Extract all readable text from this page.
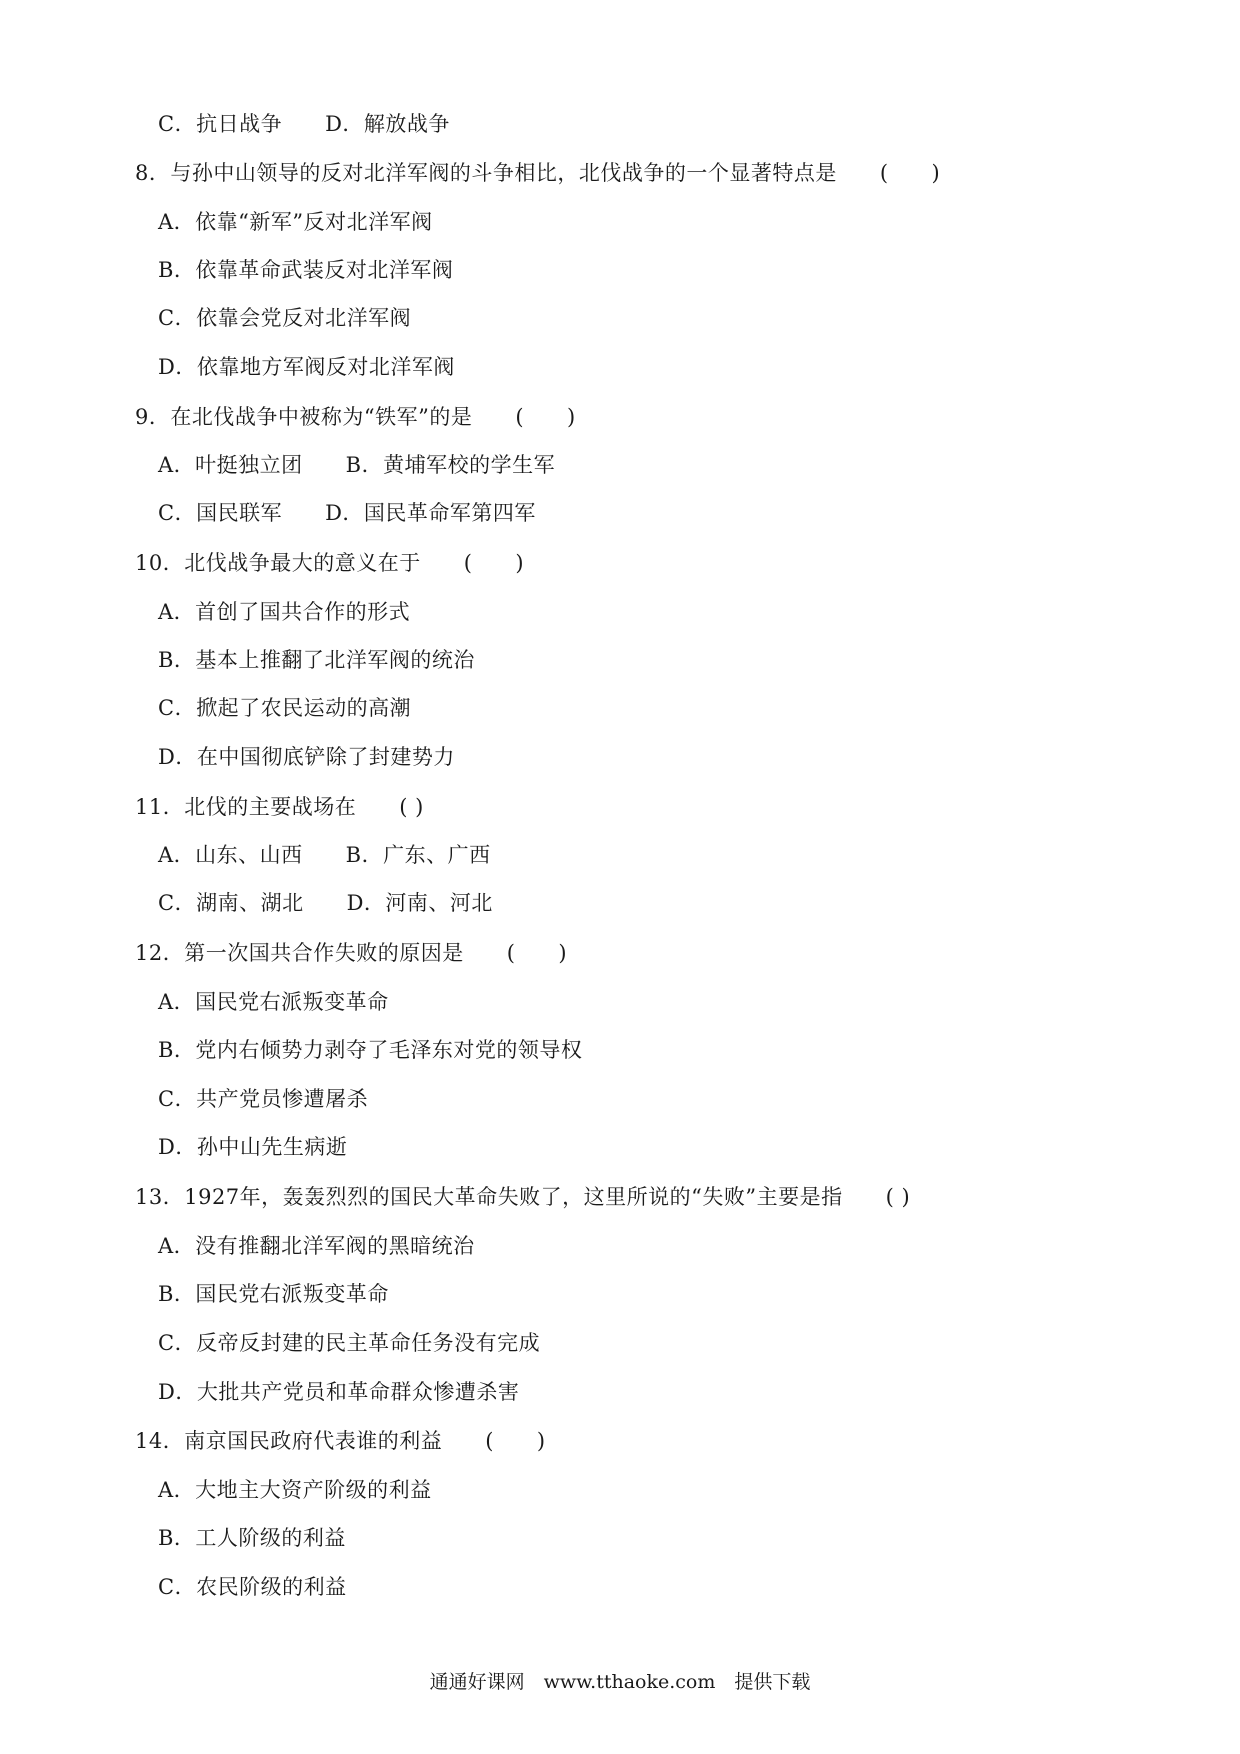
C．抗日战争　　D．解放战争
8．与孙中山领导的反对北洋军阀的斗争相比，北伐战争的一个显著特点是　　(　　)
A．依靠“新军”反对北洋军阀
B．依靠革命武装反对北洋军阀
C．依靠会党反对北洋军阀
D．依靠地方军阀反对北洋军阀
9．在北伐战争中被称为“铁军”的是　　(　　)
A．叶挺独立团　　B．黄埔军校的学生军
C．国民联军　　D．国民革命军第四军
10．北伐战争最大的意义在于　　(　　)
A．首创了国共合作的形式
B．基本上推翻了北洋军阀的统治
C．掀起了农民运动的高潮
D．在中国彻底铲除了封建势力
11．北伐的主要战场在　　( )
A．山东、山西　　B．广东、广西
C．湖南、湖北　　D．河南、河北
12．第一次国共合作失败的原因是　　(　　)
A．国民党右派叛变革命
B．党内右倾势力剥夺了毛泽东对党的领导权
C．共产党员惨遭屠杀
D．孙中山先生病逝
13．1927年，轰轰烈烈的国民大革命失败了，这里所说的“失败”主要是指　　( )
A．没有推翻北洋军阀的黑暗统治
B．国民党右派叛变革命
C．反帝反封建的民主革命任务没有完成
D．大批共产党员和革命群众惨遭杀害
14．南京国民政府代表谁的利益　　(　　)
A．大地主大资产阶级的利益
B．工人阶级的利益
C．农民阶级的利益
通通好课网　www.tthaoke.com　提供下载
